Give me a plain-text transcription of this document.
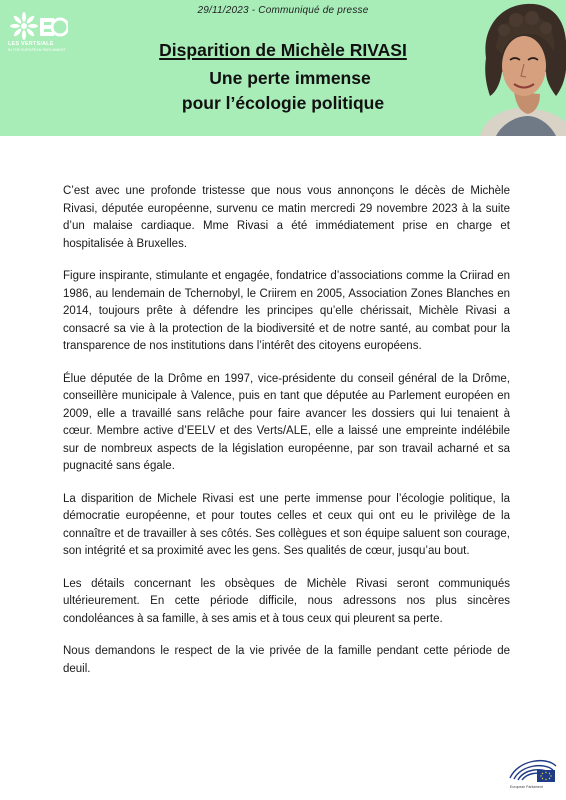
29/11/2023 - Communiqué de presse
LES VERTS/ALE
IN THE EUROPEAN PARLIAMENT	Disparition de Michèle RIVASI
Une perte immense
pour l’écologie politique

C’est avec une profonde tristesse que nous vous annonçons le décès de Michèle Rivasi, députée européenne, survenu ce matin mercredi 29 novembre 2023 à la suite d’un malaise cardiaque. Mme Rivasi a été immédiatement prise en charge et hospitalisée à Bruxelles.

Figure inspirante, stimulante et engagée, fondatrice d’associations comme la Criirad en 1986, au lendemain de Tchernobyl, le Criirem en 2005, Association Zones Blanches en 2014, toujours prête à défendre les principes qu’elle chérissait, Michèle Rivasi a consacré sa vie à la protection de la biodiversité et de notre santé, au combat pour la transparence de nos institutions dans l’intérêt des citoyens européens.

Élue députée de la Drôme en 1997, vice-présidente du conseil général de la Drôme, conseillère municipale à Valence, puis en tant que députée au Parlement européen en 2009, elle a travaillé sans relâche pour faire avancer les dossiers qui lui tenaient à cœur. Membre active d’EELV et des Verts/ALE, elle a laissé une empreinte indélébile sur de nombreux aspects de la législation européenne, par son travail acharné et sa pugnacité sans égale.

La disparition de Michele Rivasi est une perte immense pour l’écologie politique, la démocratie européenne, et pour toutes celles et ceux qui ont eu le privilège de la connaître et de travailler à ses côtés. Ses collègues et son équipe saluent son courage, son intégrité et sa proximité avec les gens. Ses qualités de cœur, jusqu’au bout.

Les détails concernant les obsèques de Michèle Rivasi seront communiqués ultérieurement. En cette période difficile, nous adressons nos plus sincères condoléances à sa famille, à ses amis et à tous ceux qui pleurent sa perte.

Nous demandons le respect de la vie privée de la famille pendant cette période de deuil.

European Parliament
